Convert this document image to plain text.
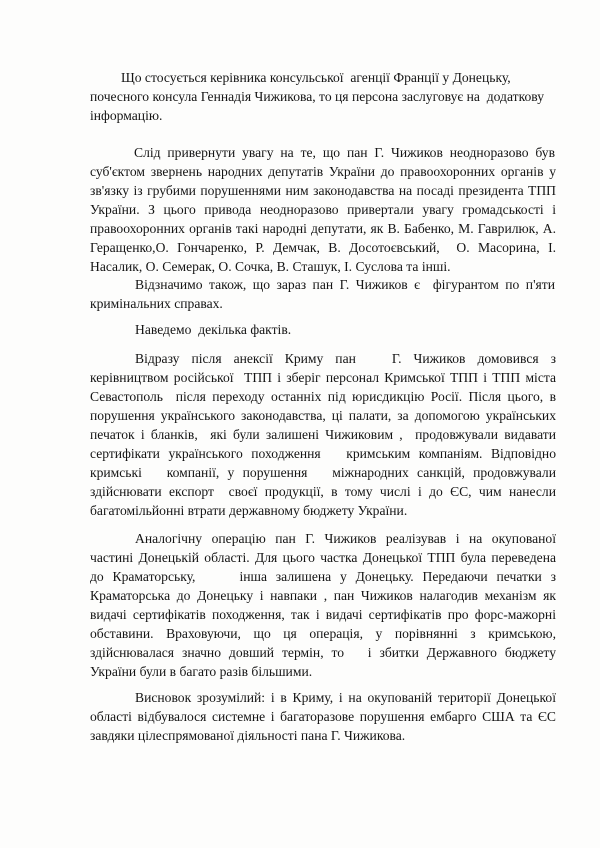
Що стосується керівника консульської  агенції Франції у Донецьку,
почесного консула Геннадія Чижикова, то ця персона заслуговує на  додаткову
інформацію.
Слід привернути увагу на те, що пан Г. Чижиков неодноразово був
суб'єктом звернень народних депутатів України до правоохоронних органів у
зв'язку із грубими порушеннями ним законодавства на посаді президента ТПП
України. З цього привода неодноразово привертали увагу громадськості і
правоохоронних органів такі народні депутати, як В. Бабенко, М. Гаврилюк, А.
Геращенко,О. Гончаренко, Р. Демчак, В. Досотоєвський,  О. Масорина, І.
Насалик, О. Семерак, О. Сочка, В. Сташук, І. Суслова та інші.
Відзначимо також, що зараз пан Г. Чижиков є  фігурантом по п'яти
кримінальних справах.
Наведемо  декілька фактів.
Відразу після анексії Криму пан   Г. Чижиков домовився з
керівництвом російської  ТПП і зберіг персонал Кримської ТПП і ТПП міста
Севастополь  після переходу останніх під юрисдикцію Росії. Після цього, в
порушення українського законодавства, ці палати, за допомогою українських
печаток і бланків,  які були залишені Чижиковим ,  продовжували видавати
сертифікати українського походження   кримським компаніям. Відповідно
кримські   компанії, у порушення   міжнародних санкцій, продовжували
здійснювати експорт  своєї продукції, в тому числі і до ЄС, чим нанесли
багатомільйонні втрати державному бюджету України.
Аналогічну операцію пан Г. Чижиков реалізував і на окупованої
частині Донецькій області. Для цього частка Донецької ТПП була переведена
до Краматорську,     інша залишена у Донецьку. Передаючи печатки з
Краматорська до Донецьку і навпаки , пан Чижиков налагодив механізм як
видачі сертифікатів походження, так і видачі сертифікатів про форс-мажорні
обставини. Враховуючи, що ця операція, у порівнянні з кримською,
здійснювалася значно довший термін, то   і збитки Державного бюджету
України були в багато разів більшими.
Висновок зрозумілий: і в Криму, і на окупованій території Донецької
області відбувалося системне і багаторазове порушення ембарго США та ЄС
завдяки цілеспрямованої діяльності пана Г. Чижикова.
